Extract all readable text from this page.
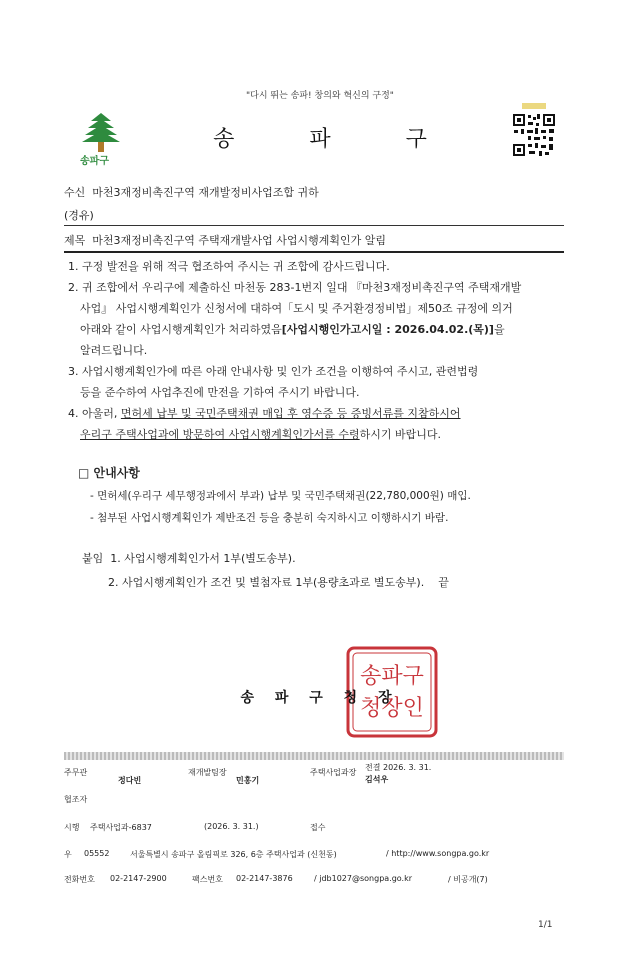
"다시 뛰는 송파! 창의와 혁신의 구정"
송파구
송 파 구
수신 마천3재정비촉진구역 재개발정비사업조합 귀하
(경유)
제목 마천3재정비촉진구역 주택재개발사업 사업시행계획인가 알림
1. 구정 발전을 위해 적극 협조하여 주시는 귀 조합에 감사드립니다.
2. 귀 조합에서 우리구에 제출하신 마천동 283-1번지 일대 『마천3재정비촉진구역 주택재개발
사업』 사업시행계획인가 신청서에 대하여「도시 및 주거환경정비법」제50조 규정에 의거
아래와 같이 사업시행계획인가 처리하였음[사업시행인가고시일 : 2026.04.02.(목)]을
알려드립니다.
3. 사업시행계획인가에 따른 아래 안내사항 및 인가 조건을 이행하여 주시고, 관련법령
등을 준수하여 사업추진에 만전을 기하여 주시기 바랍니다.
4. 아울러, 면허세 납부 및 국민주택채권 매입 후 영수증 등 증빙서류를 지참하시어
우리구 주택사업과에 방문하여 사업시행계획인가서를 수령하시기 바랍니다.
□ 안내사항
- 면허세(우리구 세무행정과에서 부과) 납부 및 국민주택채권(22,780,000원) 매입.
- 첨부된 사업시행계획인가 제반조건 등을 충분히 숙지하시고 이행하시기 바람.
붙임 1. 사업시행계획인가서 1부(별도송부).
2. 사업시행계획인가 조건 및 별첨자료 1부(용량초과로 별도송부). 끝
송파구
청장인
송 파 구 청 장
주무관
정다빈
재개발팀장
민홍기
주택사업과장
전결 2026. 3. 31.
김석우
협조자
시행 주택사업과-6837	(2026. 3. 31.)	접수
우 05552	서울특별시 송파구 올림픽로 326, 6층 주택사업과 (신천동)	/ http://www.songpa.go.kr
전화번호 02-2147-2900	팩스번호 02-2147-3876	/ jdb1027@songpa.go.kr	/ 비공개(7)
1/1
